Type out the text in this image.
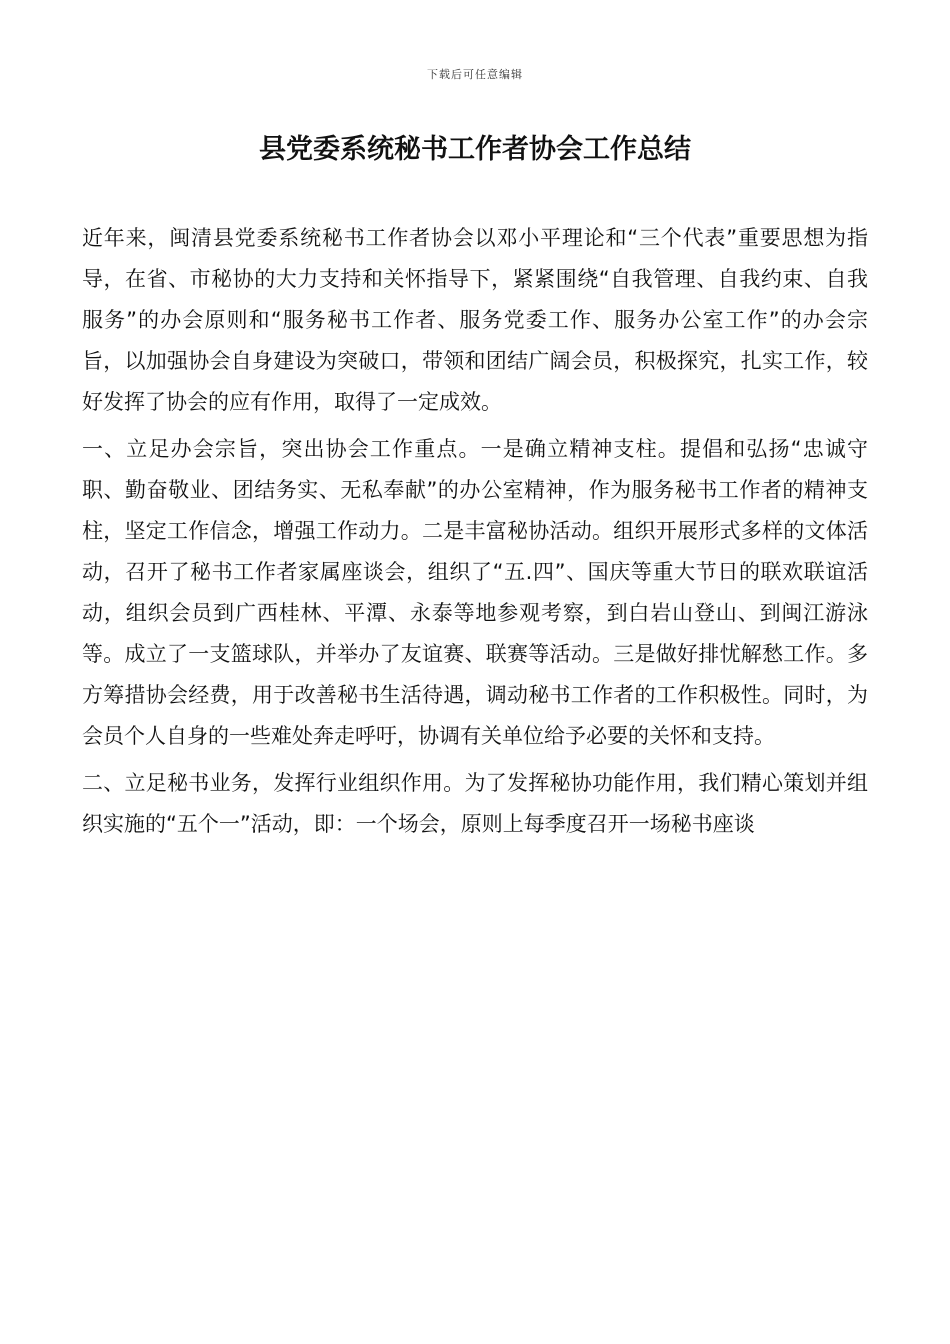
下载后可任意编辑
县党委系统秘书工作者协会工作总结

近年来，闽清县党委系统秘书工作者协会以邓小平理论和“三个代表”重要思想为指导，在省、市秘协的大力支持和关怀指导下，紧紧围绕“自我管理、自我约束、自我服务”的办会原则和“服务秘书工作者、服务党委工作、服务办公室工作”的办会宗旨，以加强协会自身建设为突破口，带领和团结广阔会员，积极探究，扎实工作，较好发挥了协会的应有作用，取得了一定成效。

一、立足办会宗旨，突出协会工作重点。一是确立精神支柱。提倡和弘扬“忠诚守职、勤奋敬业、团结务实、无私奉献”的办公室精神，作为服务秘书工作者的精神支柱，坚定工作信念，增强工作动力。二是丰富秘协活动。组织开展形式多样的文体活动，召开了秘书工作者家属座谈会，组织了“五.四”、国庆等重大节日的联欢联谊活动，组织会员到广西桂林、平潭、永泰等地参观考察，到白岩山登山、到闽江游泳等。成立了一支篮球队，并举办了友谊赛、联赛等活动。三是做好排忧解愁工作。多方筹措协会经费，用于改善秘书生活待遇，调动秘书工作者的工作积极性。同时，为会员个人自身的一些难处奔走呼吁，协调有关单位给予必要的关怀和支持。

二、立足秘书业务，发挥行业组织作用。为了发挥秘协功能作用，我们精心策划并组织实施的“五个一”活动，即：一个场会，原则上每季度召开一场秘书座谈
